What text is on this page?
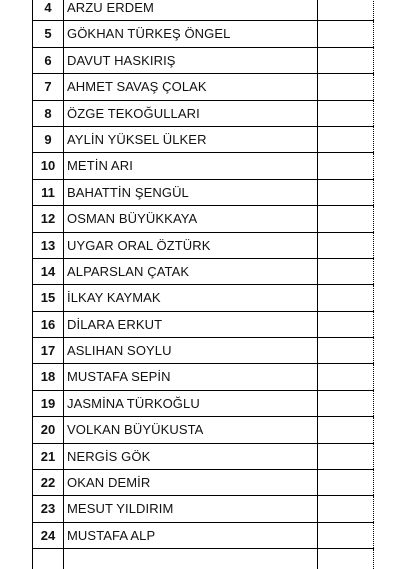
4	ARZU ERDEM
5	GÖKHAN TÜRKEŞ ÖNGEL
6	DAVUT HASKIRIŞ
7	AHMET SAVAŞ ÇOLAK
8	ÖZGE TEKOĞULLARI
9	AYLİN YÜKSEL ÜLKER
10 METİN ARI
11 BAHATTİN ŞENGÜL
12 OSMAN BÜYÜKKAYA
13 UYGAR ORAL ÖZTÜRK
14 ALPARSLAN ÇATAK
15 İLKAY KAYMAK
16 DİLARA ERKUT
17 ASLIHAN SOYLU
18 MUSTAFA SEPİN
19 JASMİNA TÜRKOĞLU
20 VOLKAN BÜYÜKUSTA
21 NERGİS GÖK
22 OKAN DEMİR
23 MESUT YILDIRIM
24 MUSTAFA ALP
